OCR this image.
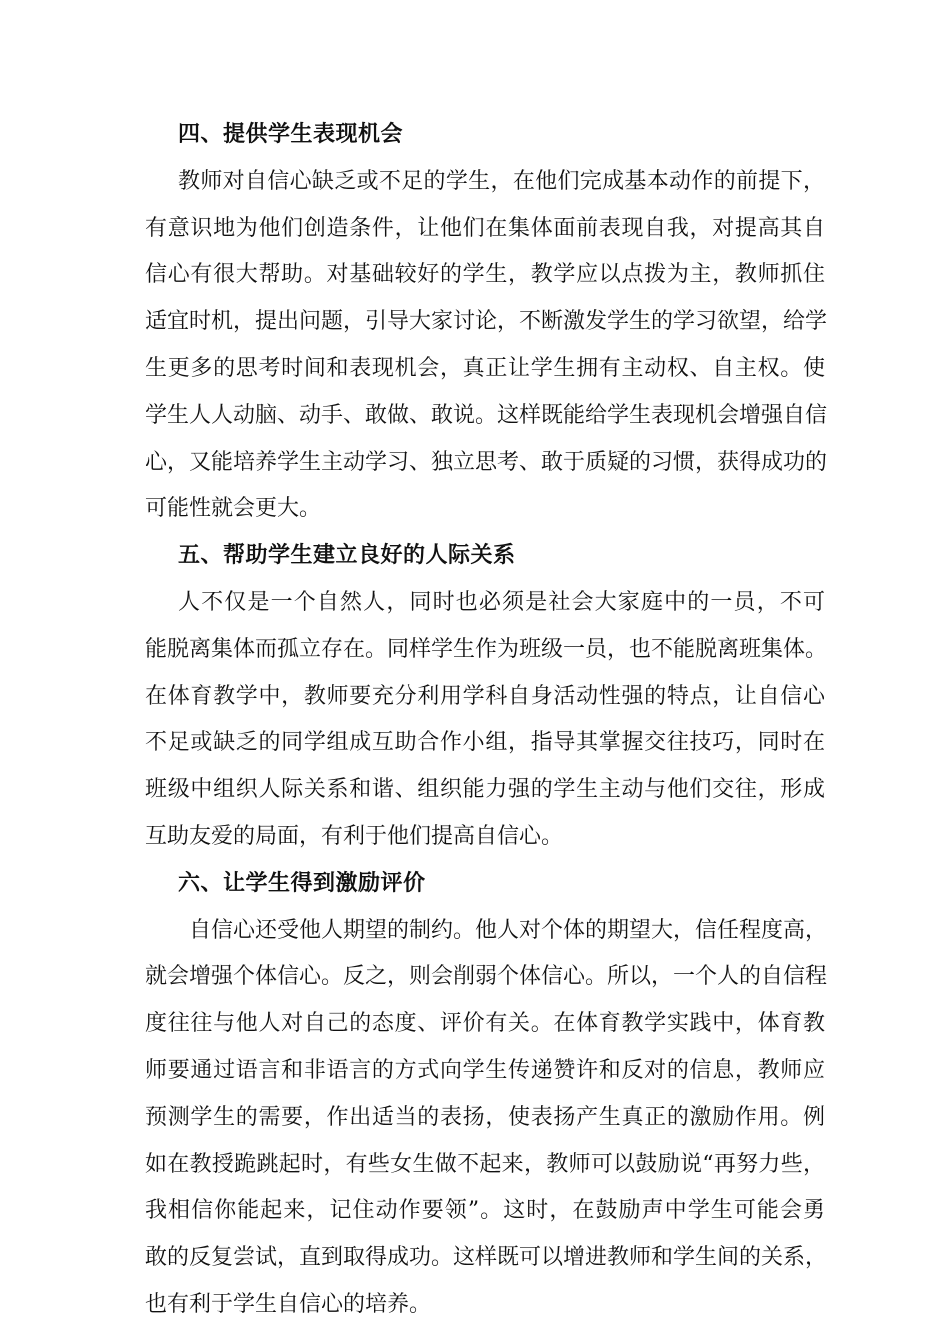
四、提供学生表现机会
教师对自信心缺乏或不足的学生，在他们完成基本动作的前提下，
有意识地为他们创造条件，让他们在集体面前表现自我，对提高其自
信心有很大帮助。对基础较好的学生，教学应以点拨为主，教师抓住
适宜时机，提出问题，引导大家讨论，不断激发学生的学习欲望，给学
生更多的思考时间和表现机会，真正让学生拥有主动权、自主权。使
学生人人动脑、动手、敢做、敢说。这样既能给学生表现机会增强自信
心，又能培养学生主动学习、独立思考、敢于质疑的习惯，获得成功的
可能性就会更大。
五、帮助学生建立良好的人际关系
人不仅是一个自然人，同时也必须是社会大家庭中的一员，不可
能脱离集体而孤立存在。同样学生作为班级一员，也不能脱离班集体。
在体育教学中，教师要充分利用学科自身活动性强的特点，让自信心
不足或缺乏的同学组成互助合作小组，指导其掌握交往技巧，同时在
班级中组织人际关系和谐、组织能力强的学生主动与他们交往，形成
互助友爱的局面，有利于他们提高自信心。
六、让学生得到激励评价
自信心还受他人期望的制约。他人对个体的期望大，信任程度高，
就会增强个体信心。反之，则会削弱个体信心。所以，一个人的自信程
度往往与他人对自己的态度、评价有关。在体育教学实践中，体育教
师要通过语言和非语言的方式向学生传递赞许和反对的信息，教师应
预测学生的需要，作出适当的表扬，使表扬产生真正的激励作用。例
如在教授跪跳起时，有些女生做不起来，教师可以鼓励说“再努力些，
我相信你能起来，记住动作要领”。这时，在鼓励声中学生可能会勇
敢的反复尝试，直到取得成功。这样既可以增进教师和学生间的关系，
也有利于学生自信心的培养。
